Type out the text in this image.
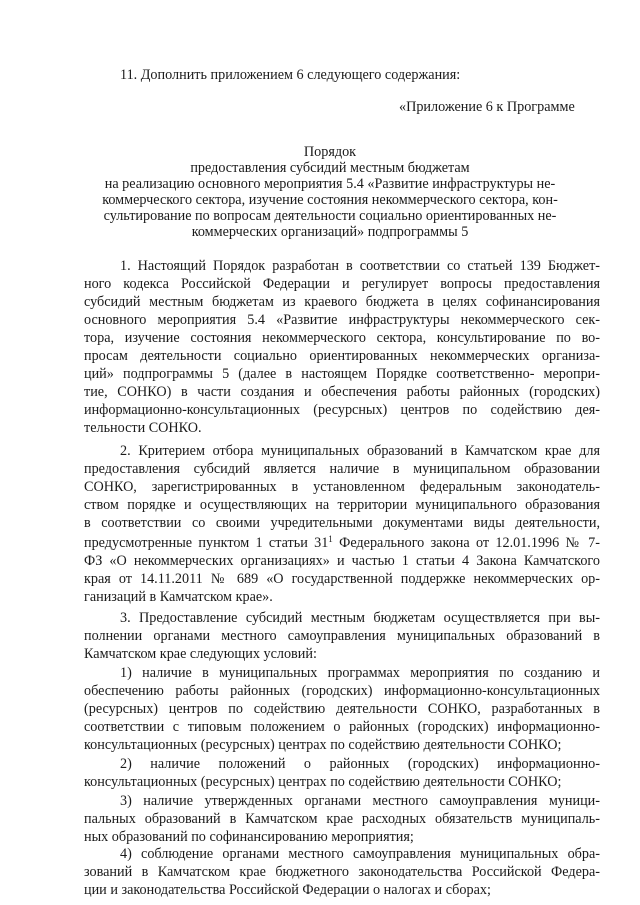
11. Дополнить приложением 6 следующего содержания:
«Приложение 6 к Программе
Порядок
предоставления субсидий местным бюджетам
на реализацию основного мероприятия 5.4 «Развитие инфраструктуры не-
коммерческого сектора, изучение состояния некоммерческого сектора, кон-
сультирование по вопросам деятельности социально ориентированных не-
коммерческих организаций» подпрограммы 5
1. Настоящий Порядок разработан в соответствии со статьей 139 Бюджет-
ного кодекса Российской Федерации и регулирует вопросы предоставления
субсидий местным бюджетам из краевого бюджета в целях софинансирования
основного мероприятия 5.4 «Развитие инфраструктуры некоммерческого сек-
тора, изучение состояния некоммерческого сектора, консультирование по во-
просам деятельности социально ориентированных некоммерческих организа-
ций» подпрограммы 5 (далее в настоящем Порядке соответственно- меропри-
тие, СОНКО) в части создания и обеспечения работы районных (городских)
информационно-консультационных (ресурсных) центров по содействию дея-
тельности СОНКО.
2. Критерием отбора муниципальных образований в Камчатском крае для
предоставления субсидий является наличие в муниципальном образовании
СОНКО, зарегистрированных в установленном федеральным законодатель-
ством порядке и осуществляющих на территории муниципального образования
в соответствии со своими учредительными документами виды деятельности,
предусмотренные пунктом 1 статьи $31^1$ Федерального закона от 12.01.1996 № 7-
ФЗ «О некоммерческих организациях» и частью 1 статьи 4 Закона Камчатского
края от 14.11.2011 № 689 «О государственной поддержке некоммерческих ор-
ганизаций в Камчатском крае».
3. Предоставление субсидий местным бюджетам осуществляется при вы-
полнении органами местного самоуправления муниципальных образований в
Камчатском крае следующих условий:
1) наличие в муниципальных программах мероприятия по созданию и
обеспечению работы районных (городских) информационно-консультационных
(ресурсных) центров по содействию деятельности СОНКО, разработанных в
соответствии с типовым положением о районных (городских) информационно-
консультационных (ресурсных) центрах по содействию деятельности СОНКО;
2) наличие положений о районных (городских) информационно-
консультационных (ресурсных) центрах по содействию деятельности СОНКО;
3) наличие утвержденных органами местного самоуправления муници-
пальных образований в Камчатском крае расходных обязательств муниципаль-
ных образований по софинансированию мероприятия;
4) соблюдение органами местного самоуправления муниципальных обра-
зований в Камчатском крае бюджетного законодательства Российской Федера-
ции и законодательства Российской Федерации о налогах и сборах;
